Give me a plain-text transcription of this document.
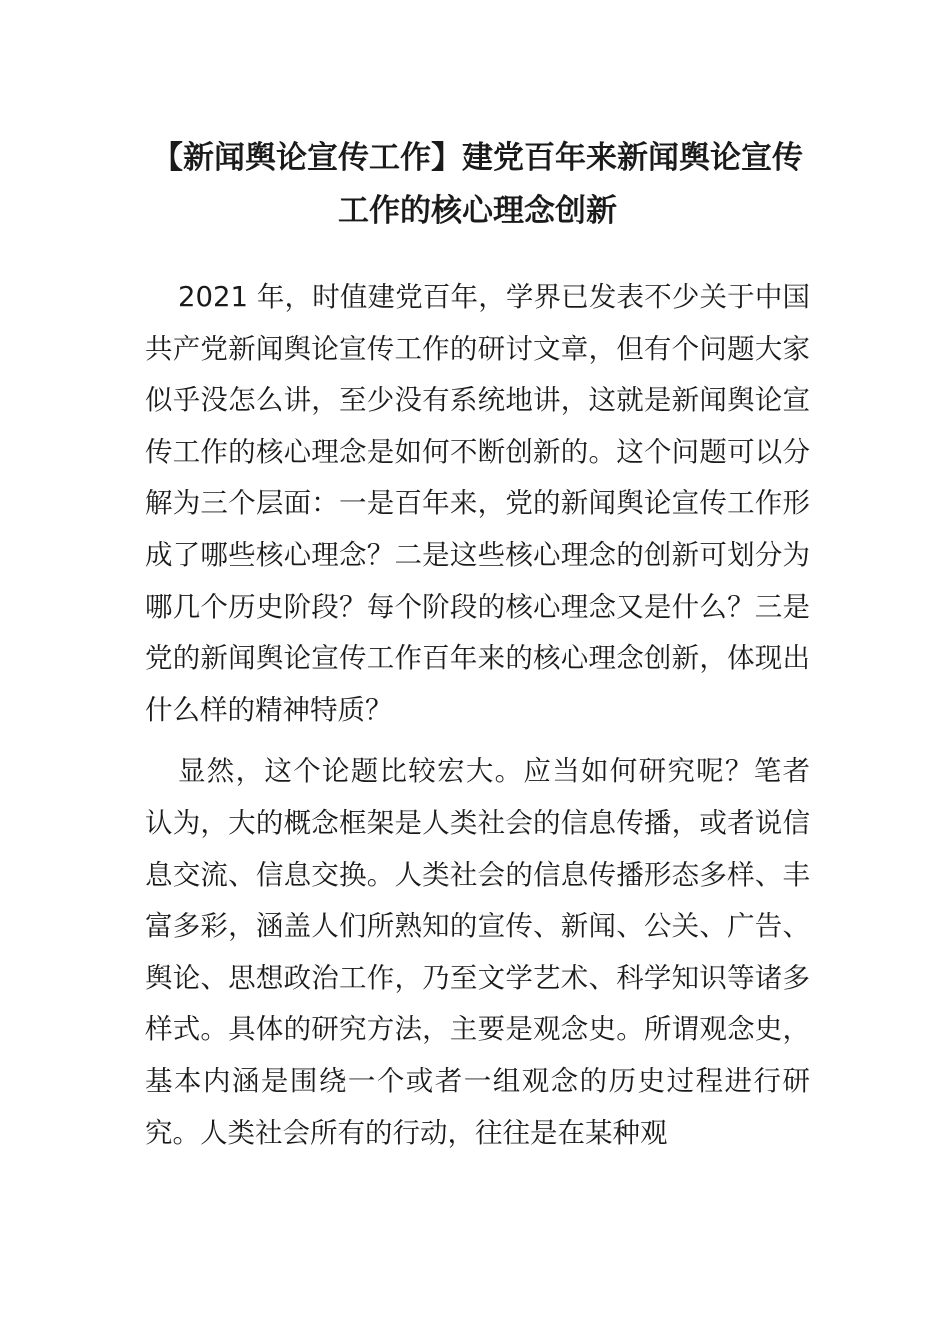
【新闻舆论宣传工作】建党百年来新闻舆论宣传工作的核心理念创新

2021 年，时值建党百年，学界已发表不少关于中国共产党新闻舆论宣传工作的研讨文章，但有个问题大家似乎没怎么讲，至少没有系统地讲，这就是新闻舆论宣传工作的核心理念是如何不断创新的。这个问题可以分解为三个层面：一是百年来，党的新闻舆论宣传工作形成了哪些核心理念？二是这些核心理念的创新可划分为哪几个历史阶段？每个阶段的核心理念又是什么？三是党的新闻舆论宣传工作百年来的核心理念创新，体现出什么样的精神特质？

显然，这个论题比较宏大。应当如何研究呢？笔者认为，大的概念框架是人类社会的信息传播，或者说信息交流、信息交换。人类社会的信息传播形态多样、丰富多彩，涵盖人们所熟知的宣传、新闻、公关、广告、舆论、思想政治工作，乃至文学艺术、科学知识等诸多样式。具体的研究方法，主要是观念史。所谓观念史，基本内涵是围绕一个或者一组观念的历史过程进行研究。人类社会所有的行动，往往是在某种观
